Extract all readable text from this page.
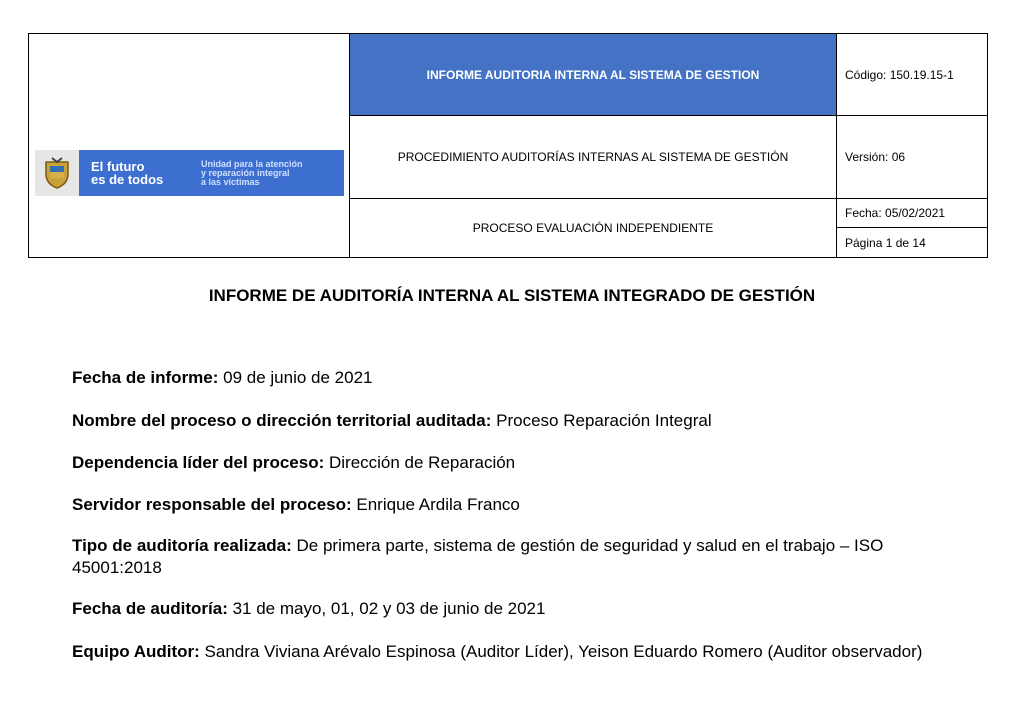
El futuro
es de todos
Unidad para la atención
y reparación integral
a las víctimas
INFORME AUDITORIA INTERNA AL SISTEMA DE GESTION
PROCEDIMIENTO AUDITORÍAS INTERNAS AL SISTEMA DE GESTIÓN
PROCESO EVALUACIÓN INDEPENDIENTE
Código: 150.19.15-1
Versión: 06
Fecha: 05/02/2021
Página 1 de 14
INFORME DE AUDITORÍA INTERNA AL SISTEMA INTEGRADO DE GESTIÓN

Fecha de informe: 09 de junio de 2021

Nombre del proceso o dirección territorial auditada: Proceso Reparación Integral

Dependencia líder del proceso: Dirección de Reparación

Servidor responsable del proceso: Enrique Ardila Franco

Tipo de auditoría realizada: De primera parte, sistema de gestión de seguridad y salud en el trabajo – ISO 45001:2018

Fecha de auditoría: 31 de mayo, 01, 02 y 03 de junio de 2021

Equipo Auditor: Sandra Viviana Arévalo Espinosa (Auditor Líder), Yeison Eduardo Romero (Auditor observador)
